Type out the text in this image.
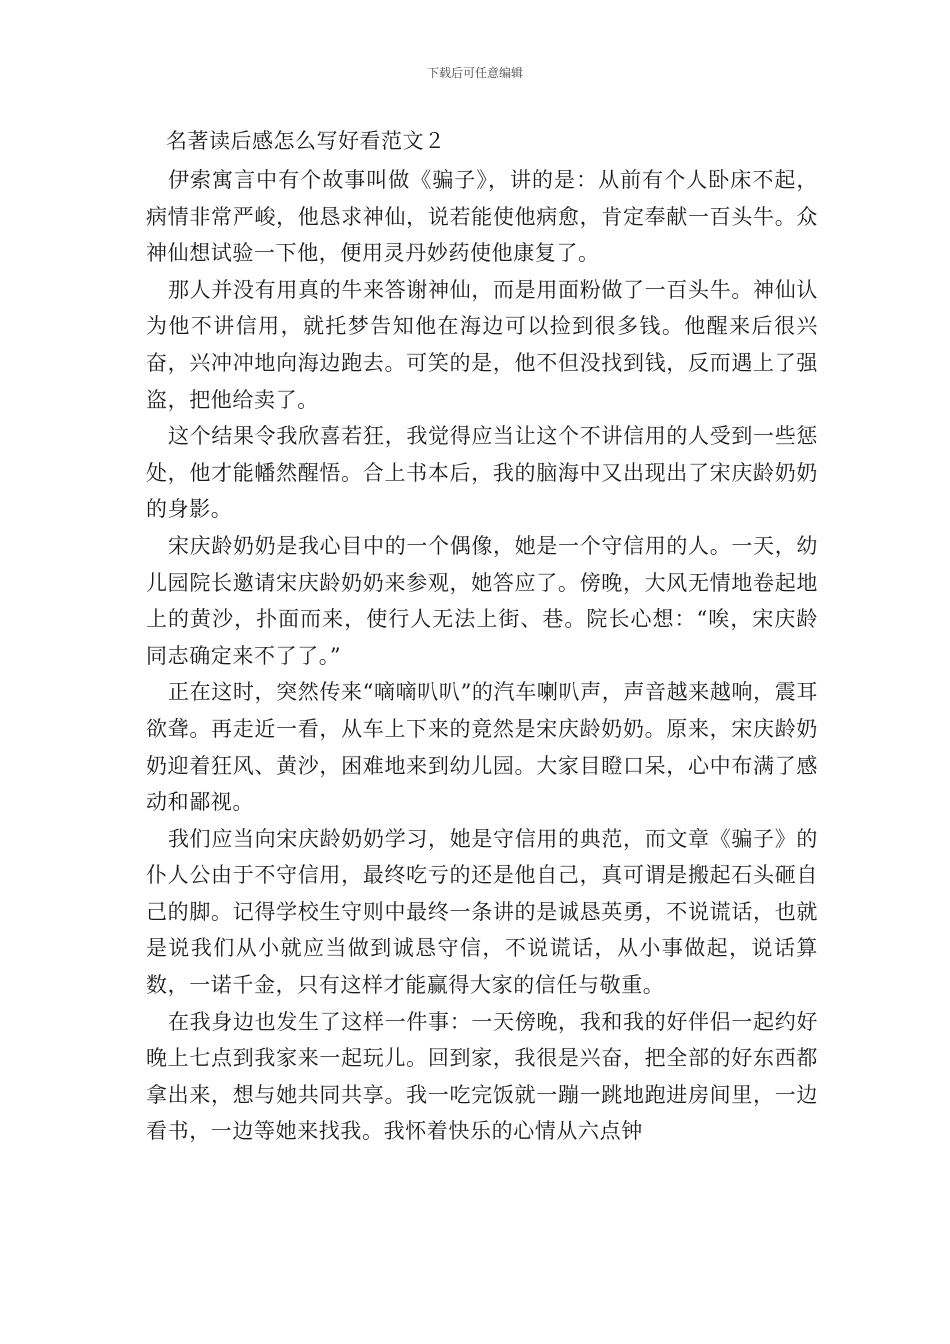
下载后可任意编辑
名著读后感怎么写好看范文２

伊索寓言中有个故事叫做《骗子》，讲的是：从前有个人卧床不起，病情非常严峻，他恳求神仙，说若能使他病愈，肯定奉献一百头牛。众神仙想试验一下他，便用灵丹妙药使他康复了。

那人并没有用真的牛来答谢神仙，而是用面粉做了一百头牛。神仙认为他不讲信用，就托梦告知他在海边可以捡到很多钱。他醒来后很兴奋，兴冲冲地向海边跑去。可笑的是，他不但没找到钱，反而遇上了强盗，把他给卖了。

这个结果令我欣喜若狂，我觉得应当让这个不讲信用的人受到一些惩处，他才能幡然醒悟。合上书本后，我的脑海中又出现出了宋庆龄奶奶的身影。

宋庆龄奶奶是我心目中的一个偶像，她是一个守信用的人。一天，幼儿园院长邀请宋庆龄奶奶来参观，她答应了。傍晚，大风无情地卷起地上的黄沙，扑面而来，使行人无法上街、巷。院长心想：“唉，宋庆龄同志确定来不了了。”

正在这时，突然传来“嘀嘀叭叭”的汽车喇叭声，声音越来越响，震耳欲聋。再走近一看，从车上下来的竟然是宋庆龄奶奶。原来，宋庆龄奶奶迎着狂风、黄沙，困难地来到幼儿园。大家目瞪口呆，心中布满了感动和鄙视。

我们应当向宋庆龄奶奶学习，她是守信用的典范，而文章《骗子》的仆人公由于不守信用，最终吃亏的还是他自己，真可谓是搬起石头砸自己的脚。记得学校生守则中最终一条讲的是诚恳英勇，不说谎话，也就是说我们从小就应当做到诚恳守信，不说谎话，从小事做起，说话算数，一诺千金，只有这样才能赢得大家的信任与敬重。

在我身边也发生了这样一件事：一天傍晚，我和我的好伴侣一起约好晚上七点到我家来一起玩儿。回到家，我很是兴奋，把全部的好东西都拿出来，想与她共同共享。我一吃完饭就一蹦一跳地跑进房间里，一边看书，一边等她来找我。我怀着快乐的心情从六点钟
